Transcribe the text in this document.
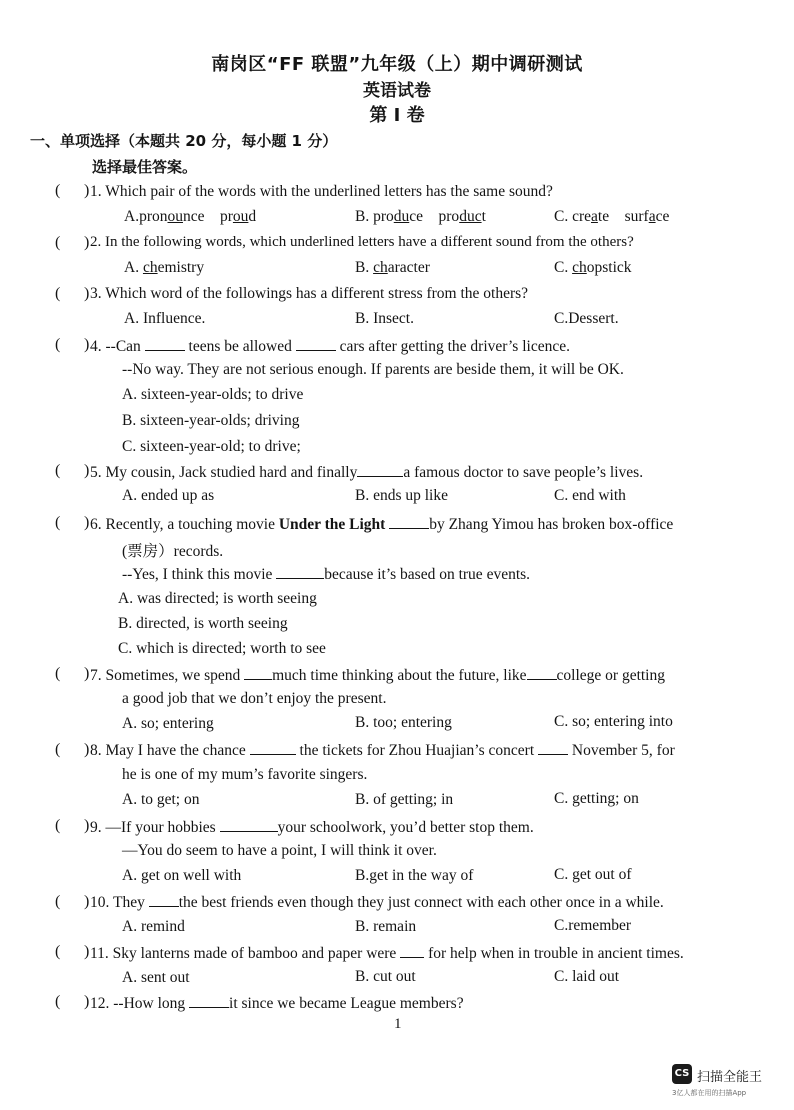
南岗区“FF 联盟”九年级（上）期中调研测试
英语试卷
第 I 卷
一、单项选择（本题共 20 分，每小题 1 分）
选择最佳答案。
( ) 1. Which pair of the words with the underlined letters has the same sound?
A.pronounce proud	B. produce product	C. create surface
( ) 2. In the following words, which underlined letters have a different sound from the others?
A. chemistry	B. character	C. chopstick
( ) 3. Which word of the followings has a different stress from the others?
A. Influence.	B. Insect.	C.Dessert.
( ) 4. --Can	teens be allowed	cars after getting the driver’s licence.
--No way. They are not serious enough. If parents are beside them, it will be OK.
A. sixteen-year-olds; to drive
B. sixteen-year-olds; driving
C. sixteen-year-old; to drive;
( ) 5. My cousin, Jack studied hard and finally	a famous doctor to save people’s lives.
A. ended up as	B. ends up like	C. end with
( ) 6. Recently, a touching movie Under the Light	by Zhang Yimou has broken box-office
(票房）records.
--Yes, I think this movie	because it’s based on true events.
A. was directed; is worth seeing
B. directed, is worth seeing
C. which is directed; worth to see
( ) 7. Sometimes, we spend much time thinking about the future, like college or getting
a good job that we don’t enjoy the present.
A. so; entering	B. too; entering	C. so; entering into
( ) 8. May I have the chance	the tickets for Zhou Huajian’s concert November 5, for
he is one of my mum’s favorite singers.
A. to get; on	B. of getting; in	C. getting; on
( ) 9. —If your hobbies	your schoolwork, you’d better stop them.
—You do seem to have a point, I will think it over.
A. get on well with	B.get in the way of	C. get out of
( ) 10. They the best friends even though they just connect with each other once in a while.
A. remind	B. remain	C.remember
( ) 11. Sky lanterns made of bamboo and paper were for help when in trouble in ancient times.
A. sent out	B. cut out	C. laid out
( ) 12. --How long	it since we became League members?
1
CS 扫描全能王
3亿人都在用的扫描App
